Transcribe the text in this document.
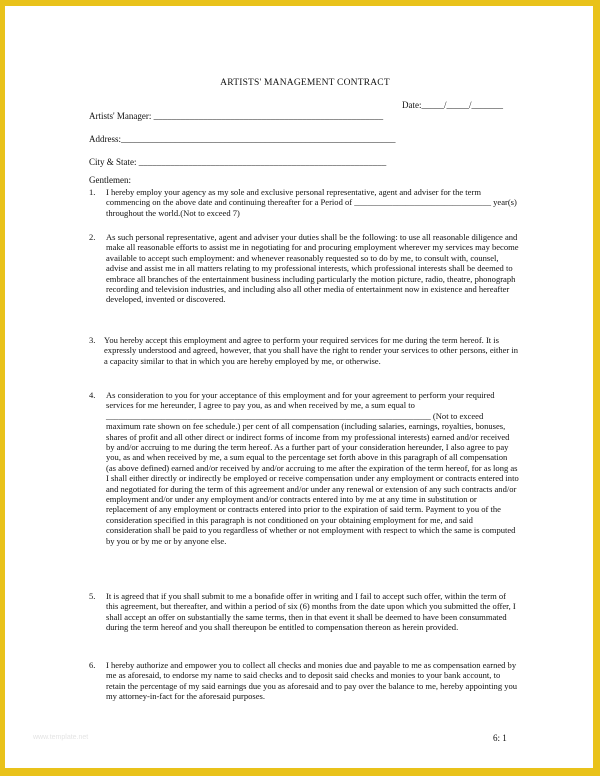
ARTISTS' MANAGEMENT CONTRACT
Date:_____/_____/_______
Artists' Manager: ___________________________________________________
Address:_____________________________________________________________
City & State: _______________________________________________________
Gentlemen:
1. I hereby employ your agency as my sole and exclusive personal representative, agent and adviser for the term commencing on the above date and continuing thereafter for a Period of ________________________________ year(s) throughout the world.(Not to exceed 7)
2. As such personal representative, agent and adviser your duties shall be the following: to use all reasonable diligence and make all reasonable efforts to assist me in negotiating for and procuring employment wherever my services may become available to accept such employment: and whenever reasonably requested so to do by me, to consult with, counsel, advise and assist me in all matters relating to my professional interests, which professional interests shall be deemed to embrace all branches of the entertainment business including particularly the motion picture, radio, theatre, phonograph recording and television industries, and including also all other media of entertainment now in existence and hereafter developed, invented or discovered.
3. You hereby accept this employment and agree to perform your required services for me during the term hereof. It is expressly understood and agreed, however, that you shall have the right to render your services to other persons, either in a capacity similar to that in which you are hereby employed by me, or otherwise.
4. As consideration to you for your acceptance of this employment and for your agreement to perform your required services for me hereunder, I agree to pay you, as and when received by me, a sum equal to ____________________________________________________________________________ (Not to exceed maximum rate shown on fee schedule.) per cent of all compensation (including salaries, earnings, royalties, bonuses, shares of profit and all other direct or indirect forms of income from my professional interests) earned and/or received by and/or accruing to me during the term hereof. As a further part of your consideration hereunder, I also agree to pay you, as and when received by me, a sum equal to the percentage set forth above in this paragraph of all compensation (as above defined) earned and/or received by and/or accruing to me after the expiration of the term hereof, for as long as I shall either directly or indirectly be employed or receive compensation under any employment or contracts entered into and negotiated for during the term of this agreement and/or under any renewal or extension of any such contracts and/or employment and/or under any employment and/or contracts entered into by me at any time in substitution or replacement of any employment or contracts entered into prior to the expiration of said term. Payment to you of the consideration specified in this paragraph is not conditioned on your obtaining employment for me, and said consideration shall be paid to you regardless of whether or not employment with respect to which the same is computed by you or by me or by anyone else.
5. It is agreed that if you shall submit to me a bonafide offer in writing and I fail to accept such offer, within the term of this agreement, but thereafter, and within a period of six (6) months from the date upon which you submitted the offer, I shall accept an offer on substantially the same terms, then in that event it shall be deemed to have been consummated during the term hereof and you shall thereupon be entitled to compensation thereon as herein provided.
6. I hereby authorize and empower you to collect all checks and monies due and payable to me as compensation earned by me as aforesaid, to endorse my name to said checks and to deposit said checks and monies to your bank account, to retain the percentage of my said earnings due you as aforesaid and to pay over the balance to me, hereby appointing you my attorney-in-fact for the aforesaid purposes.
www.template.net	6: 1
